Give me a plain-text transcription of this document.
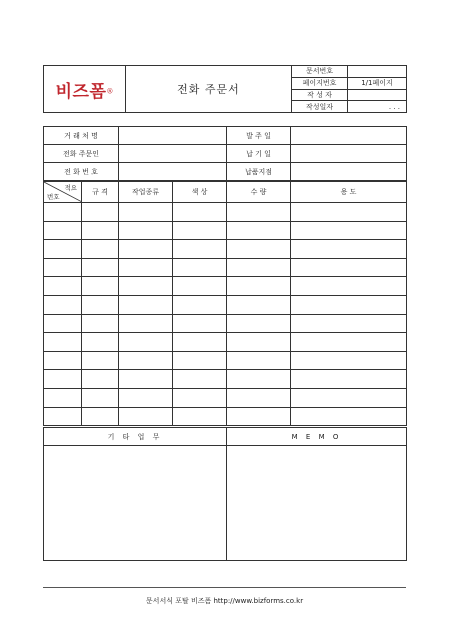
비즈폼®	전화 주문서	문서번호	
		페이지번호	1/1페이지
		작 성 자	
		작성일자	. . .
거 래 처 명		발 주 일	
전화 주문인		납 기 일	
전 화 번 호		납품지점	
적요
번호	규 격	작업종류	색 상	수 량	용 도

기 타 업 무	M E M O

문서서식 포탈 비즈폼 http://www.bizforms.co.kr
